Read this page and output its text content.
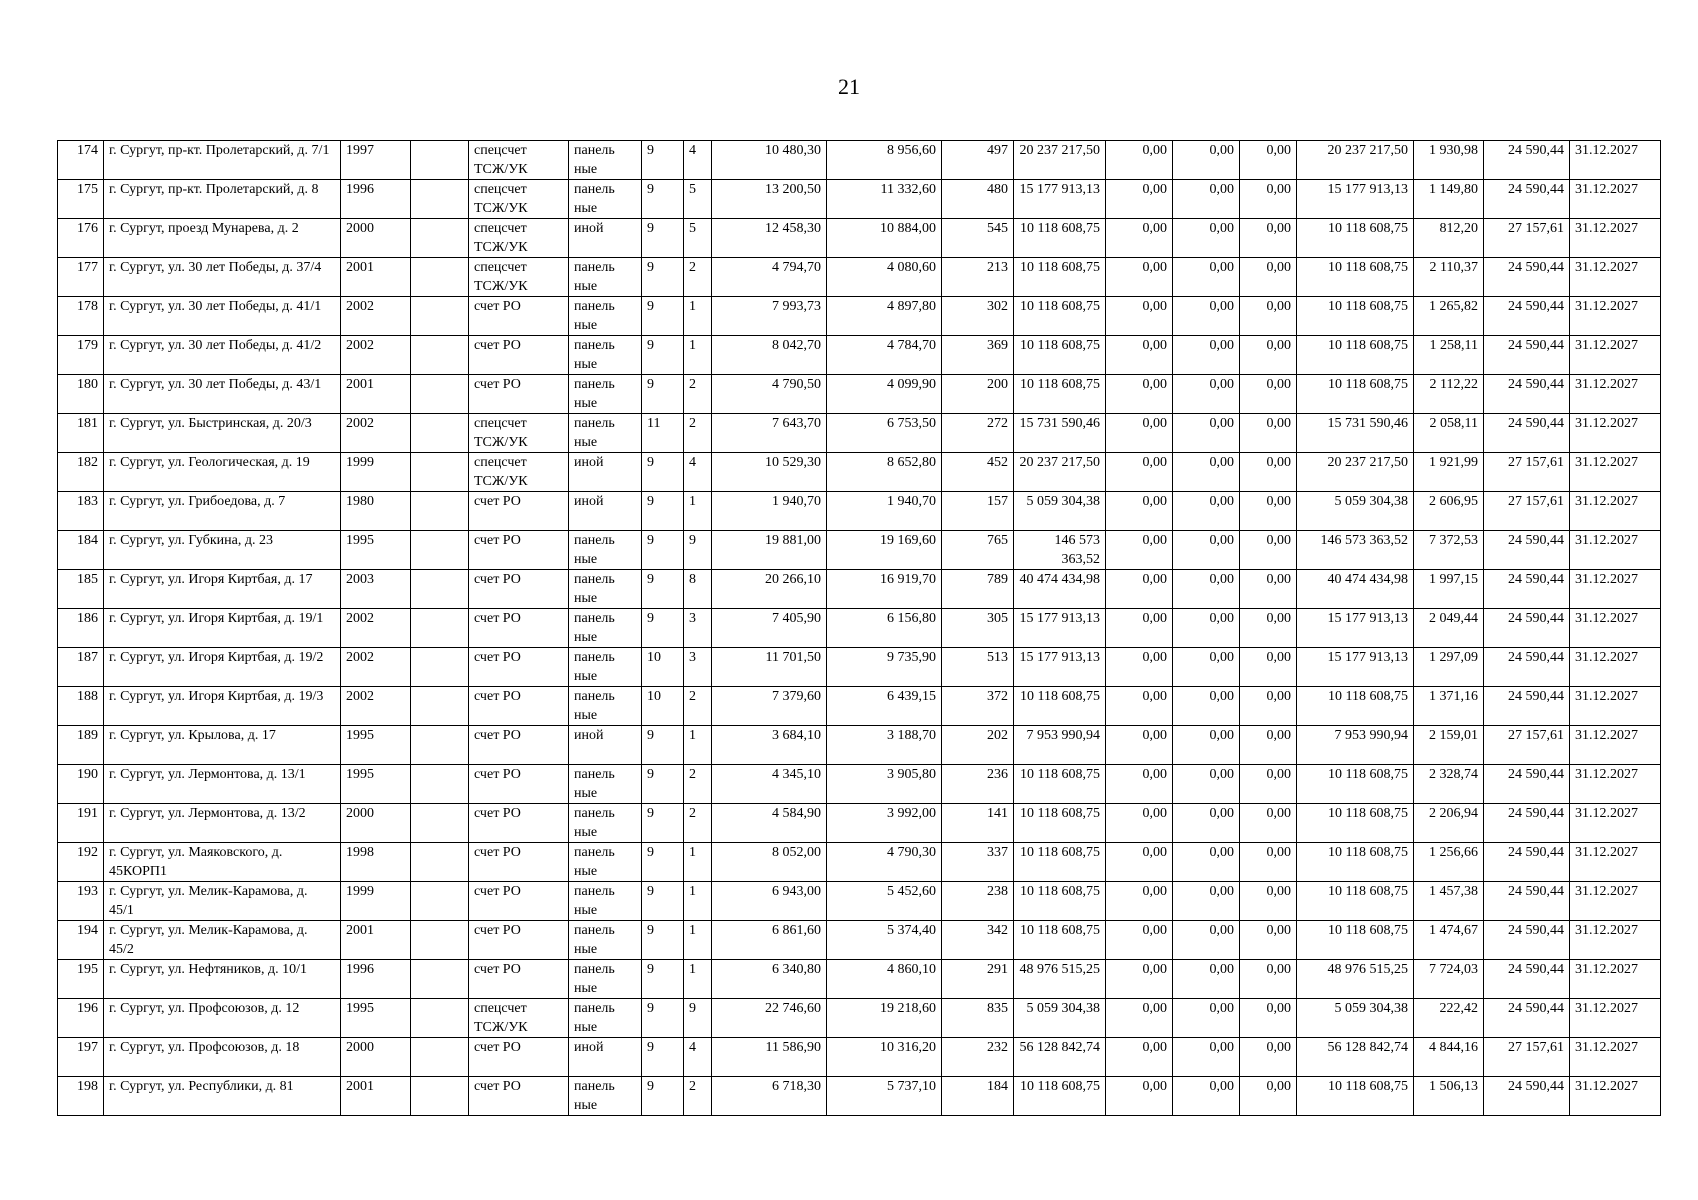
21
174	г. Сургут, пр-кт. Пролетарский, д. 7/1	1997		спецсчет ТСЖ/УК	панель ные	9	4	10 480,30	8 956,60	497	20 237 217,50	0,00	0,00	0,00	20 237 217,50	1 930,98	24 590,44	31.12.2027
175	г. Сургут, пр-кт. Пролетарский, д. 8	1996		спецсчет ТСЖ/УК	панель ные	9	5	13 200,50	11 332,60	480	15 177 913,13	0,00	0,00	0,00	15 177 913,13	1 149,80	24 590,44	31.12.2027
176	г. Сургут, проезд Мунарева, д. 2	2000		спецсчет ТСЖ/УК	иной	9	5	12 458,30	10 884,00	545	10 118 608,75	0,00	0,00	0,00	10 118 608,75	812,20	27 157,61	31.12.2027
177	г. Сургут, ул. 30 лет Победы, д. 37/4	2001		спецсчет ТСЖ/УК	панель ные	9	2	4 794,70	4 080,60	213	10 118 608,75	0,00	0,00	0,00	10 118 608,75	2 110,37	24 590,44	31.12.2027
178	г. Сургут, ул. 30 лет Победы, д. 41/1	2002		счет РО	панель ные	9	1	7 993,73	4 897,80	302	10 118 608,75	0,00	0,00	0,00	10 118 608,75	1 265,82	24 590,44	31.12.2027
179	г. Сургут, ул. 30 лет Победы, д. 41/2	2002		счет РО	панель ные	9	1	8 042,70	4 784,70	369	10 118 608,75	0,00	0,00	0,00	10 118 608,75	1 258,11	24 590,44	31.12.2027
180	г. Сургут, ул. 30 лет Победы, д. 43/1	2001		счет РО	панель ные	9	2	4 790,50	4 099,90	200	10 118 608,75	0,00	0,00	0,00	10 118 608,75	2 112,22	24 590,44	31.12.2027
181	г. Сургут, ул. Быстринская, д. 20/3	2002		спецсчет ТСЖ/УК	панель ные	11	2	7 643,70	6 753,50	272	15 731 590,46	0,00	0,00	0,00	15 731 590,46	2 058,11	24 590,44	31.12.2027
182	г. Сургут, ул. Геологическая, д. 19	1999		спецсчет ТСЖ/УК	иной	9	4	10 529,30	8 652,80	452	20 237 217,50	0,00	0,00	0,00	20 237 217,50	1 921,99	27 157,61	31.12.2027
183	г. Сургут, ул. Грибоедова, д. 7	1980		счет РО	иной	9	1	1 940,70	1 940,70	157	5 059 304,38	0,00	0,00	0,00	5 059 304,38	2 606,95	27 157,61	31.12.2027
184	г. Сургут, ул. Губкина, д. 23	1995		счет РО	панель ные	9	9	19 881,00	19 169,60	765	146 573 363,52	0,00	0,00	0,00	146 573 363,52	7 372,53	24 590,44	31.12.2027
185	г. Сургут, ул. Игоря Киртбая, д. 17	2003		счет РО	панель ные	9	8	20 266,10	16 919,70	789	40 474 434,98	0,00	0,00	0,00	40 474 434,98	1 997,15	24 590,44	31.12.2027
186	г. Сургут, ул. Игоря Киртбая, д. 19/1	2002		счет РО	панель ные	9	3	7 405,90	6 156,80	305	15 177 913,13	0,00	0,00	0,00	15 177 913,13	2 049,44	24 590,44	31.12.2027
187	г. Сургут, ул. Игоря Киртбая, д. 19/2	2002		счет РО	панель ные	10	3	11 701,50	9 735,90	513	15 177 913,13	0,00	0,00	0,00	15 177 913,13	1 297,09	24 590,44	31.12.2027
188	г. Сургут, ул. Игоря Киртбая, д. 19/3	2002		счет РО	панель ные	10	2	7 379,60	6 439,15	372	10 118 608,75	0,00	0,00	0,00	10 118 608,75	1 371,16	24 590,44	31.12.2027
189	г. Сургут, ул. Крылова, д. 17	1995		счет РО	иной	9	1	3 684,10	3 188,70	202	7 953 990,94	0,00	0,00	0,00	7 953 990,94	2 159,01	27 157,61	31.12.2027
190	г. Сургут, ул. Лермонтова, д. 13/1	1995		счет РО	панель ные	9	2	4 345,10	3 905,80	236	10 118 608,75	0,00	0,00	0,00	10 118 608,75	2 328,74	24 590,44	31.12.2027
191	г. Сургут, ул. Лермонтова, д. 13/2	2000		счет РО	панель ные	9	2	4 584,90	3 992,00	141	10 118 608,75	0,00	0,00	0,00	10 118 608,75	2 206,94	24 590,44	31.12.2027
192	г. Сургут, ул. Маяковского, д. 45КОРП1	1998		счет РО	панель ные	9	1	8 052,00	4 790,30	337	10 118 608,75	0,00	0,00	0,00	10 118 608,75	1 256,66	24 590,44	31.12.2027
193	г. Сургут, ул. Мелик-Карамова, д. 45/1	1999		счет РО	панель ные	9	1	6 943,00	5 452,60	238	10 118 608,75	0,00	0,00	0,00	10 118 608,75	1 457,38	24 590,44	31.12.2027
194	г. Сургут, ул. Мелик-Карамова, д. 45/2	2001		счет РО	панель ные	9	1	6 861,60	5 374,40	342	10 118 608,75	0,00	0,00	0,00	10 118 608,75	1 474,67	24 590,44	31.12.2027
195	г. Сургут, ул. Нефтяников, д. 10/1	1996		счет РО	панель ные	9	1	6 340,80	4 860,10	291	48 976 515,25	0,00	0,00	0,00	48 976 515,25	7 724,03	24 590,44	31.12.2027
196	г. Сургут, ул. Профсоюзов, д. 12	1995		спецсчет ТСЖ/УК	панель ные	9	9	22 746,60	19 218,60	835	5 059 304,38	0,00	0,00	0,00	5 059 304,38	222,42	24 590,44	31.12.2027
197	г. Сургут, ул. Профсоюзов, д. 18	2000		счет РО	иной	9	4	11 586,90	10 316,20	232	56 128 842,74	0,00	0,00	0,00	56 128 842,74	4 844,16	27 157,61	31.12.2027
198	г. Сургут, ул. Республики, д. 81	2001		счет РО	панель ные	9	2	6 718,30	5 737,10	184	10 118 608,75	0,00	0,00	0,00	10 118 608,75	1 506,13	24 590,44	31.12.2027
